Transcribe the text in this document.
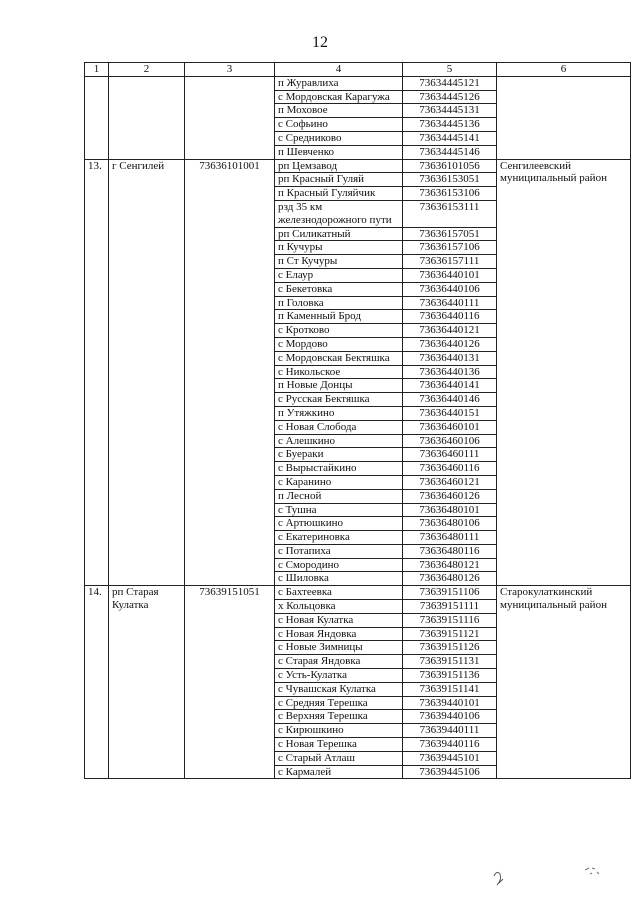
12
1	2	3	4	5	6
			п Журавлиха	73634445121	
			с Мордовская Карагужа	73634445126	
			п Моховое	73634445131	
			с Софьино	73634445136	
			с Средниково	73634445141	
			п Шевченко	73634445146	
13.	г Сенгилей	73636101001	рп Цемзавод	73636101056	Сенгилеевский муниципальный район
			рп Красный Гуляй	73636153051	
			п Красный Гуляйчик	73636153106	
			рзд 35 км железнодорожного пути	73636153111	
			рп Силикатный	73636157051	
			п Кучуры	73636157106	
			п Ст Кучуры	73636157111	
			с Елаур	73636440101	
			с Бекетовка	73636440106	
			п Головка	73636440111	
			п Каменный Брод	73636440116	
			с Кротково	73636440121	
			с Мордово	73636440126	
			с Мордовская Бектяшка	73636440131	
			с Никольское	73636440136	
			п Новые Донцы	73636440141	
			с Русская Бектяшка	73636440146	
			п Утяжкино	73636440151	
			с Новая Слобода	73636460101	
			с Алешкино	73636460106	
			с Буераки	73636460111	
			с Вырыстайкино	73636460116	
			с Каранино	73636460121	
			п Лесной	73636460126	
			с Тушна	73636480101	
			с Артюшкино	73636480106	
			с Екатериновка	73636480111	
			с Потапиха	73636480116	
			с Смородино	73636480121	
			с Шиловка	73636480126	
14.	рп Старая Кулатка	73639151051	с Бахтеевка	73639151106	Старокулаткинский муниципальный район
			х Кольцовка	73639151111	
			с Новая Кулатка	73639151116	
			с Новая Яндовка	73639151121	
			с Новые Зимницы	73639151126	
			с Старая Яндовка	73639151131	
			с Усть-Кулатка	73639151136	
			с Чувашская Кулатка	73639151141	
			с Средняя Терешка	73639440101	
			с Верхняя Терешка	73639440106	
			с Кирюшкино	73639440111	
			с Новая Терешка	73639440116	
			с Старый Атлаш	73639445101	
			с Кармалей	73639445106	
